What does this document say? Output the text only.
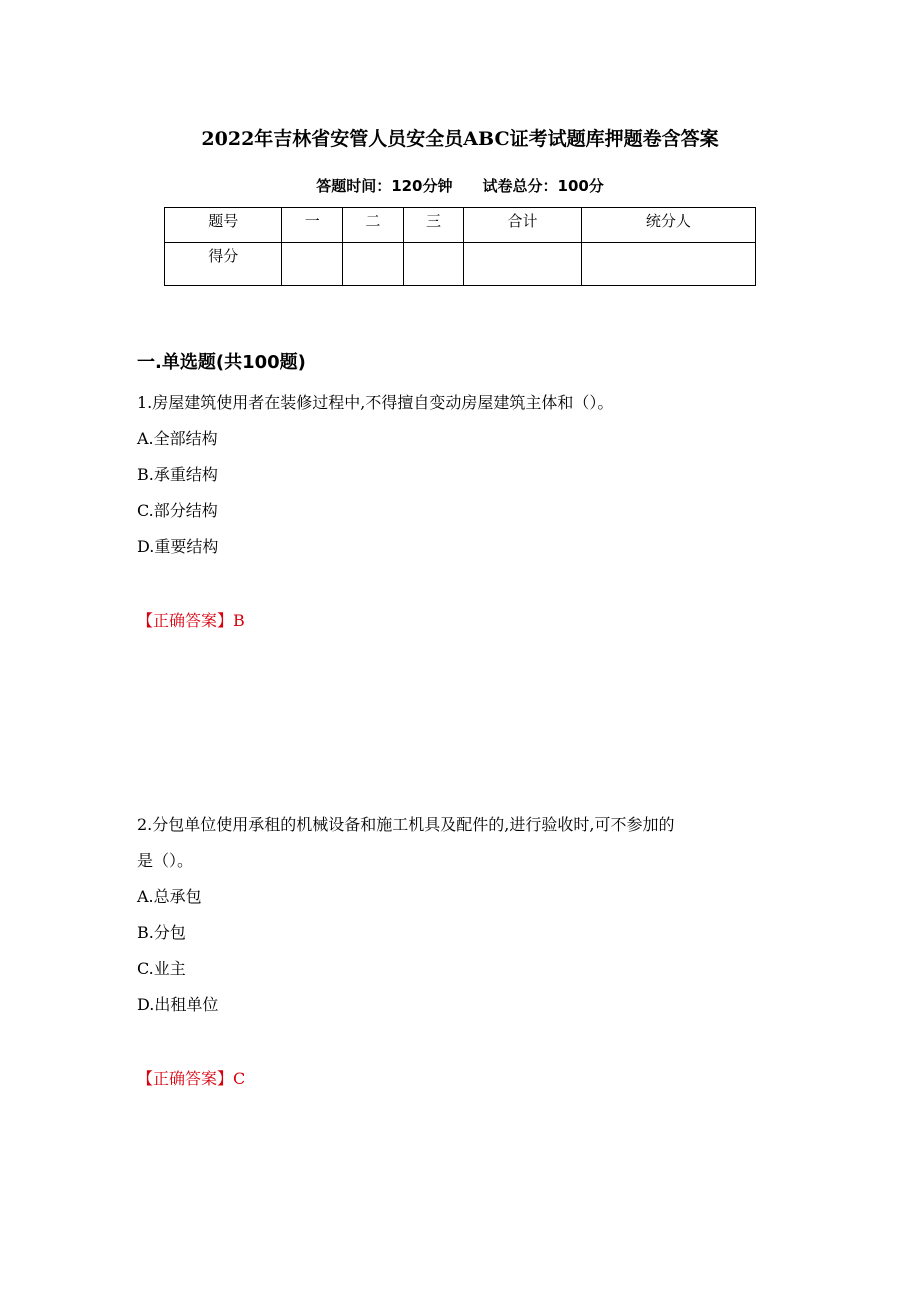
2022年吉林省安管人员安全员ABC证考试题库押题卷含答案
答题时间：120分钟 试卷总分：100分
题号	一	二	三	合计	统分人
得分					
一.单选题(共100题)

1.房屋建筑使用者在装修过程中,不得擅自变动房屋建筑主体和（）。

A.全部结构

B.承重结构

C.部分结构

D.重要结构

【正确答案】B

2.分包单位使用承租的机械设备和施工机具及配件的,进行验收时,可不参加的

是（）。

A.总承包

B.分包

C.业主

D.出租单位

【正确答案】C
